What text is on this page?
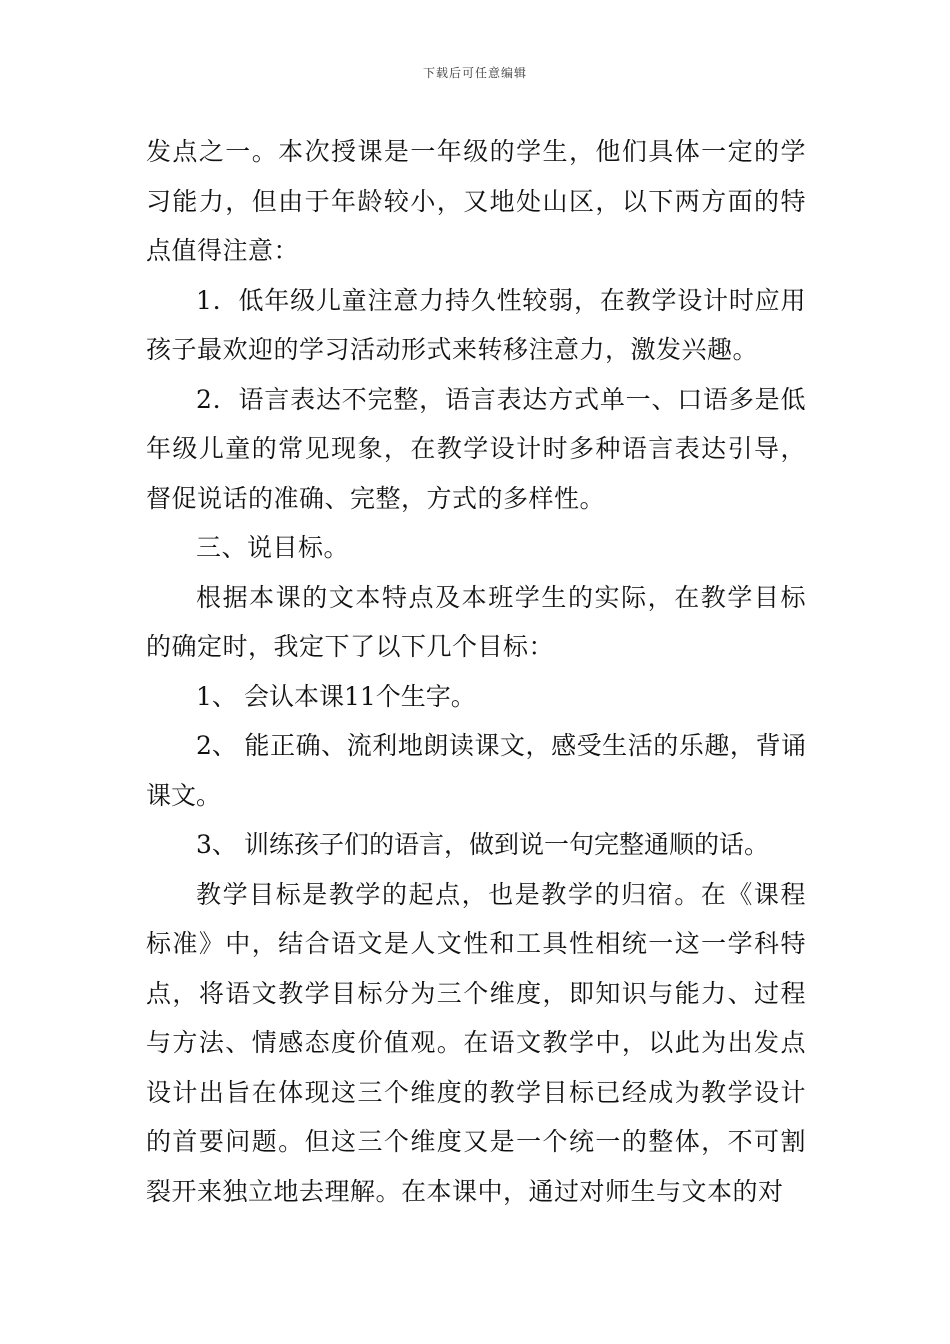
下载后可任意编辑

发点之一。本次授课是一年级的学生，他们具体一定的学习能力，但由于年龄较小，又地处山区，以下两方面的特点值得注意：

1．低年级儿童注意力持久性较弱，在教学设计时应用孩子最欢迎的学习活动形式来转移注意力，激发兴趣。

2．语言表达不完整，语言表达方式单一、口语多是低年级儿童的常见现象，在教学设计时多种语言表达引导，督促说话的准确、完整，方式的多样性。

三、说目标。

根据本课的文本特点及本班学生的实际，在教学目标的确定时，我定下了以下几个目标：

1、 会认本课11个生字。

2、 能正确、流利地朗读课文，感受生活的乐趣，背诵课文。

3、 训练孩子们的语言，做到说一句完整通顺的话。

教学目标是教学的起点，也是教学的归宿。在《课程标准》中，结合语文是人文性和工具性相统一这一学科特点，将语文教学目标分为三个维度，即知识与能力、过程与方法、情感态度价值观。在语文教学中，以此为出发点设计出旨在体现这三个维度的教学目标已经成为教学设计的首要问题。但这三个维度又是一个统一的整体，不可割裂开来独立地去理解。在本课中，通过对师生与文本的对
